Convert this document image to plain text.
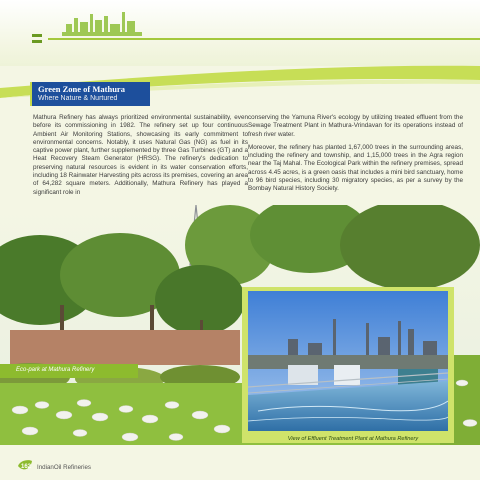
Green Zone of Mathura
Where Nature & Nurtured

Mathura Refinery has always prioritized environmental sustainability, even before its commissioning in 1982. The refinery set up four continuous Ambient Air Monitoring Stations, showcasing its early commitment to environmental concerns. Notably, it uses Natural Gas (NG) as fuel in its captive power plant, further supplemented by three Gas Turbines (GT) and a Heat Recovery Steam Generator (HRSG). The refinery's dedication to preserving natural resources is evident in its water conservation efforts, including 18 Rainwater Harvesting pits across its premises, covering an area of 64,282 square meters. Additionally, Mathura Refinery has played a significant role in

conserving the Yamuna River's ecology by utilizing treated effluent from the Sewage Treatment Plant in Mathura-Vrindavan for its operations instead of fresh river water.

Moreover, the refinery has planted 1,67,000 trees in the surrounding areas, including the refinery and township, and 1,15,000 trees in the Agra region near the Taj Mahal. The Ecological Park within the refinery premises, spread across 4.45 acres, is a green oasis that includes a mini bird sanctuary, home to 96 bird species, including 30 migratory species, as per a survey by the Bombay Natural History Society.

Eco-park at Mathura Refinery
View of Effluent Treatment Plant at Mathura Refinery
162 IndianOil Refineries
